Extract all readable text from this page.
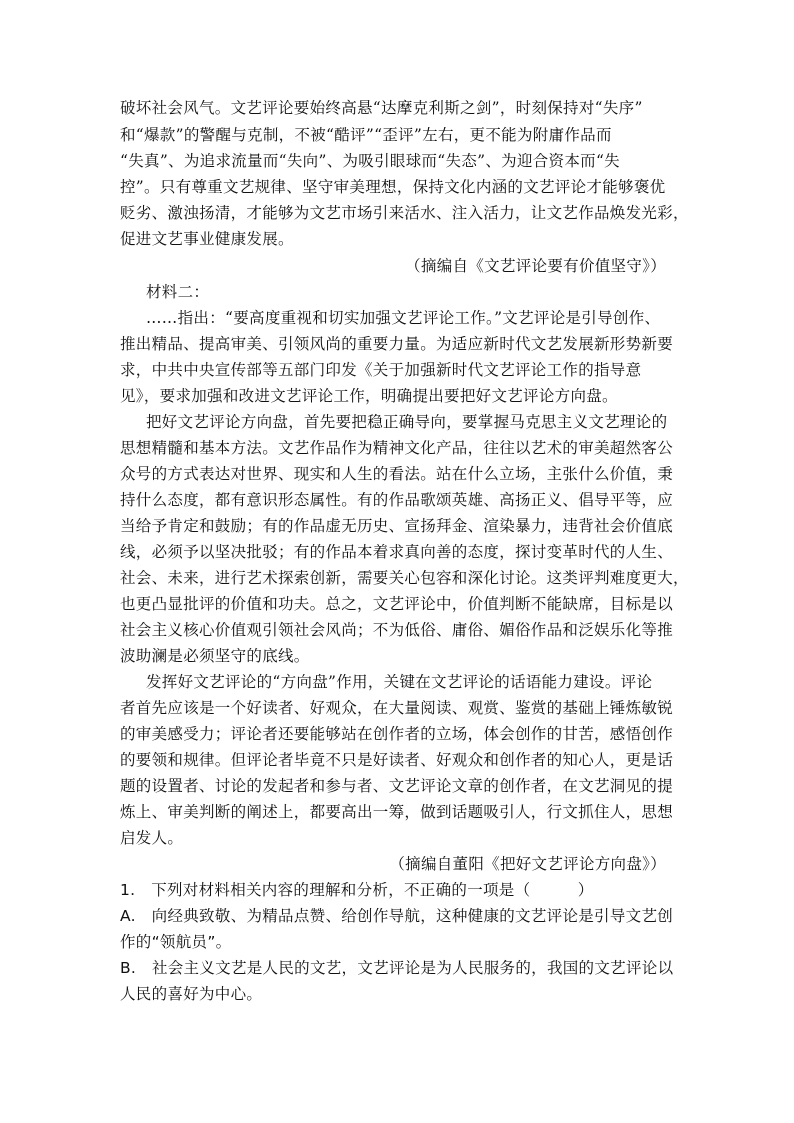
破坏社会风气。文艺评论要始终高悬“达摩克利斯之剑”，时刻保持对“失序”
和“爆款”的警醒与克制，不被“酷评”“歪评”左右，更不能为附庸作品而
“失真”、为追求流量而“失向”、为吸引眼球而“失态”、为迎合资本而“失
控”。只有尊重文艺规律、坚守审美理想，保持文化内涵的文艺评论才能够褒优
贬劣、激浊扬清，才能够为文艺市场引来活水、注入活力，让文艺作品焕发光彩，
促进文艺事业健康发展。
（摘编自《文艺评论要有价值坚守》）
材料二：
……指出：“要高度重视和切实加强文艺评论工作。”文艺评论是引导创作、
推出精品、提高审美、引领风尚的重要力量。为适应新时代文艺发展新形势新要
求，中共中央宣传部等五部门印发《关于加强新时代文艺评论工作的指导意
见》，要求加强和改进文艺评论工作，明确提出要把好文艺评论方向盘。
把好文艺评论方向盘，首先要把稳正确导向，要掌握马克思主义文艺理论的
思想精髓和基本方法。文艺作品作为精神文化产品，往往以艺术的审美超然客公
众号的方式表达对世界、现实和人生的看法。站在什么立场，主张什么价值，秉
持什么态度，都有意识形态属性。有的作品歌颂英雄、高扬正义、倡导平等，应
当给予肯定和鼓励；有的作品虚无历史、宣扬拜金、渲染暴力，违背社会价值底
线，必须予以坚决批驳；有的作品本着求真向善的态度，探讨变革时代的人生、
社会、未来，进行艺术探索创新，需要关心包容和深化讨论。这类评判难度更大，
也更凸显批评的价值和功夫。总之，文艺评论中，价值判断不能缺席，目标是以
社会主义核心价值观引领社会风尚；不为低俗、庸俗、媚俗作品和泛娱乐化等推
波助澜是必须坚守的底线。
发挥好文艺评论的“方向盘”作用，关键在文艺评论的话语能力建设。评论
者首先应该是一个好读者、好观众，在大量阅读、观赏、鉴赏的基础上锤炼敏锐
的审美感受力；评论者还要能够站在创作者的立场，体会创作的甘苦，感悟创作
的要领和规律。但评论者毕竟不只是好读者、好观众和创作者的知心人，更是话
题的设置者、讨论的发起者和参与者、文艺评论文章的创作者，在文艺洞见的提
炼上、审美判断的阐述上，都要高出一筹，做到话题吸引人，行文抓住人，思想
启发人。
（摘编自董阳《把好文艺评论方向盘》）
1.　下列对材料相关内容的理解和分析，不正确的一项是（　　　）
A.　向经典致敬、为精品点赞、给创作导航，这种健康的文艺评论是引导文艺创
作的“领航员”。
B.　社会主义文艺是人民的文艺，文艺评论是为人民服务的，我国的文艺评论以
人民的喜好为中心。
